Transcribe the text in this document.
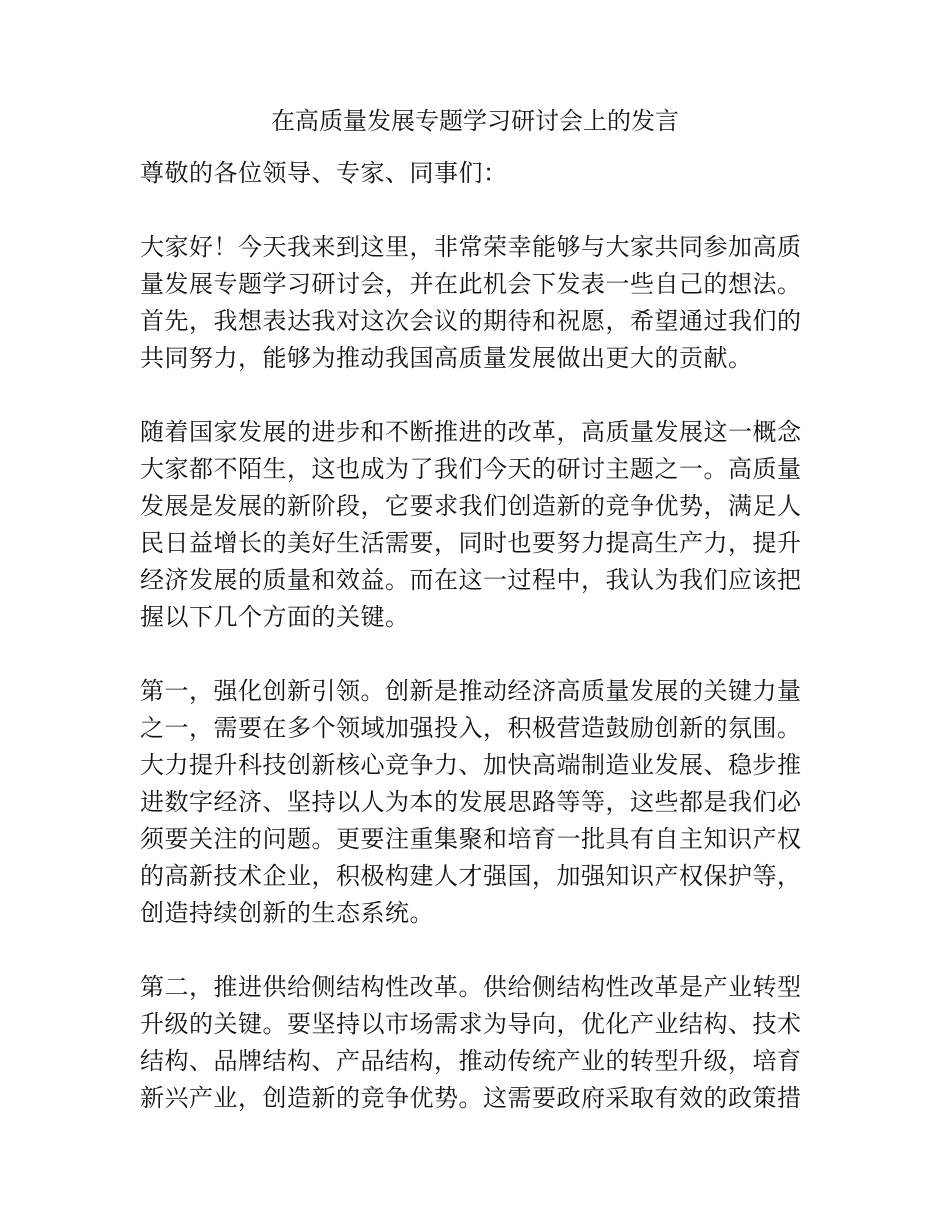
在高质量发展专题学习研讨会上的发言
尊敬的各位领导、专家、同事们：
大家好！今天我来到这里，非常荣幸能够与大家共同参加高质
量发展专题学习研讨会，并在此机会下发表一些自己的想法。
首先，我想表达我对这次会议的期待和祝愿，希望通过我们的
共同努力，能够为推动我国高质量发展做出更大的贡献。
随着国家发展的进步和不断推进的改革，高质量发展这一概念
大家都不陌生，这也成为了我们今天的研讨主题之一。高质量
发展是发展的新阶段，它要求我们创造新的竞争优势，满足人
民日益增长的美好生活需要，同时也要努力提高生产力，提升
经济发展的质量和效益。而在这一过程中，我认为我们应该把
握以下几个方面的关键。
第一，强化创新引领。创新是推动经济高质量发展的关键力量
之一，需要在多个领域加强投入，积极营造鼓励创新的氛围。
大力提升科技创新核心竞争力、加快高端制造业发展、稳步推
进数字经济、坚持以人为本的发展思路等等，这些都是我们必
须要关注的问题。更要注重集聚和培育一批具有自主知识产权
的高新技术企业，积极构建人才强国，加强知识产权保护等，
创造持续创新的生态系统。
第二，推进供给侧结构性改革。供给侧结构性改革是产业转型
升级的关键。要坚持以市场需求为导向，优化产业结构、技术
结构、品牌结构、产品结构，推动传统产业的转型升级，培育
新兴产业，创造新的竞争优势。这需要政府采取有效的政策措
